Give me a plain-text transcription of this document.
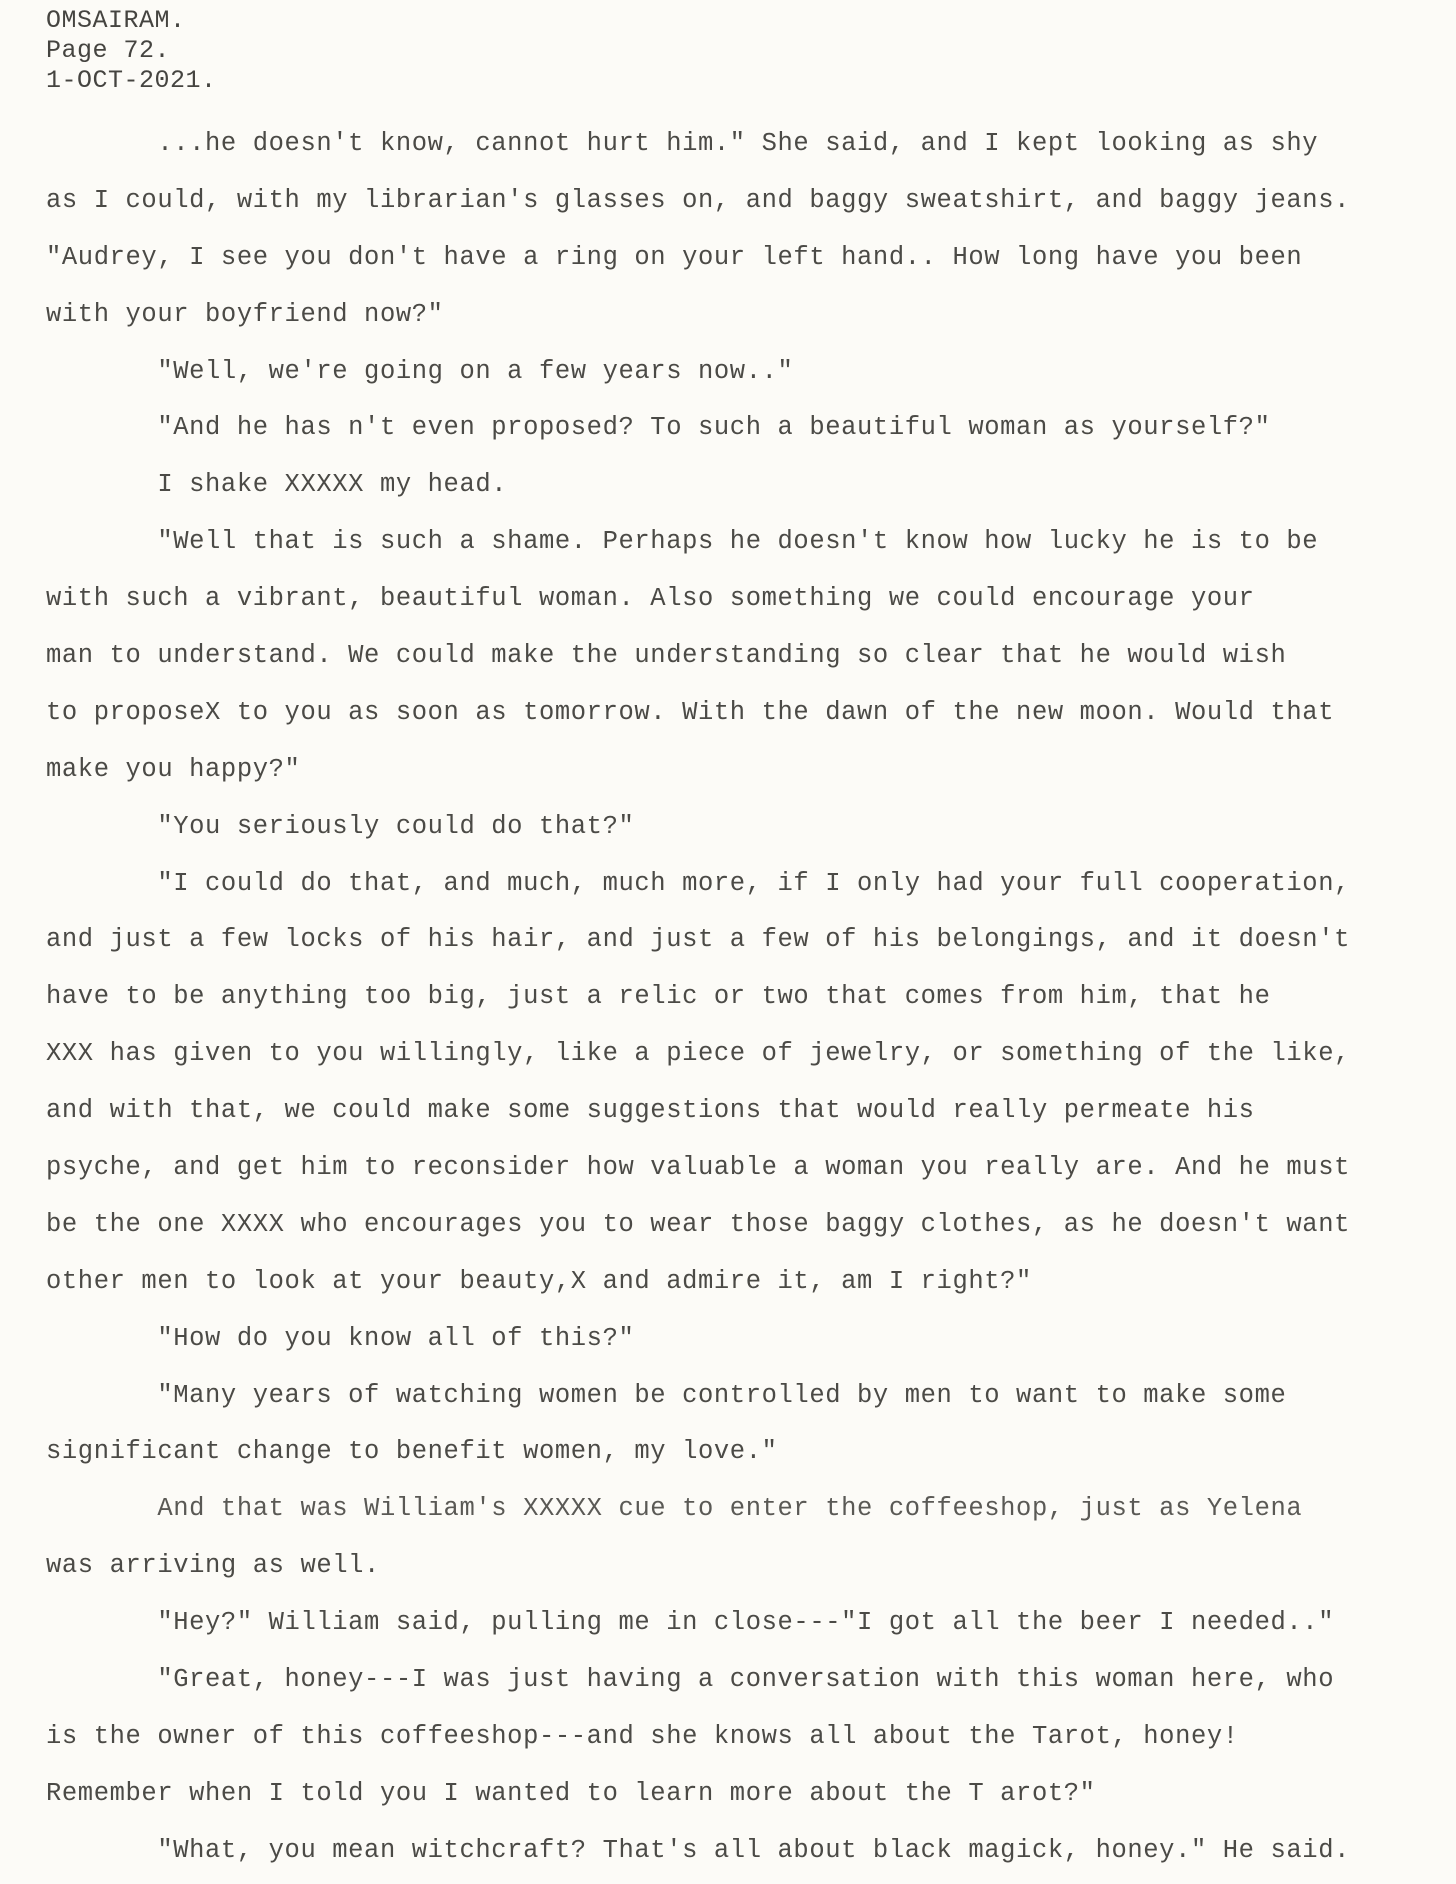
OMSAIRAM.
Page 72.
1-OCT-2021.
...he doesn't know, cannot hurt him." She said, and I kept looking as shy
as I could, with my librarian's glasses on, and baggy sweatshirt, and baggy jeans.
"Audrey, I see you don't have a ring on your left hand.. How long have you been
with your boyfriend now?"
"Well, we're going on a few years now.."
"And he has n't even proposed? To such a beautiful woman as yourself?"
I shake XXXXX my head.
"Well that is such a shame. Perhaps he doesn't know how lucky he is to be
with such a vibrant, beautiful woman. Also something we could encourage your
man to understand. We could make the understanding so clear that he would wish
to proposeX to you as soon as tomorrow. With the dawn of the new moon. Would that
make you happy?"
"You seriously could do that?"
"I could do that, and much, much more, if I only had your full cooperation,
and just a few locks of his hair, and just a few of his belongings, and it doesn't
have to be anything too big, just a relic or two that comes from him, that he
XXX has given to you willingly, like a piece of jewelry, or something of the like,
and with that, we could make some suggestions that would really permeate his
psyche, and get him to reconsider how valuable a woman you really are. And he must
be the one XXXX who encourages you to wear those baggy clothes, as he doesn't want
other men to look at your beauty,X and admire it, am I right?"
"How do you know all of this?"
"Many years of watching women be controlled by men to want to make some
significant change to benefit women, my love."
And that was William's XXXXX cue to enter the coffeeshop, just as Yelena
was arriving as well.
"Hey?" William said, pulling me in close---"I got all the beer I needed.."
"Great, honey---I was just having a conversation with this woman here, who
is the owner of this coffeeshop---and she knows all about the Tarot, honey!
Remember when I told you I wanted to learn more about the T arot?"
"What, you mean witchcraft? That's all about black magick, honey." He said.
